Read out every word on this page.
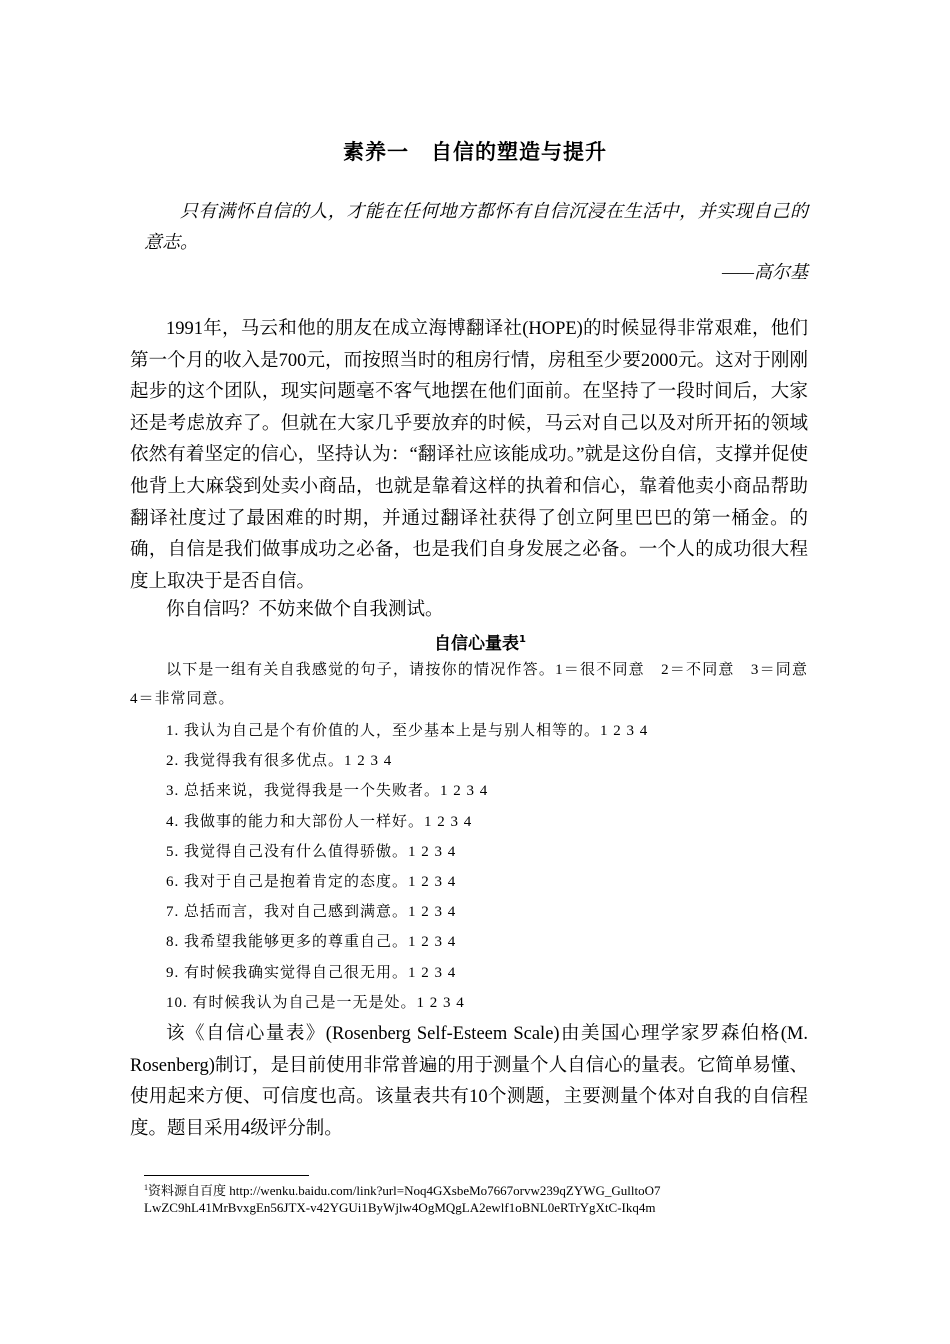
素养一　自信的塑造与提升
只有满怀自信的人，才能在任何地方都怀有自信沉浸在生活中，并实现自己的意志。
——高尔基

1991年，马云和他的朋友在成立海博翻译社(HOPE)的时候显得非常艰难，他们第一个月的收入是700元，而按照当时的租房行情，房租至少要2000元。这对于刚刚起步的这个团队，现实问题毫不客气地摆在他们面前。在坚持了一段时间后，大家还是考虑放弃了。但就在大家几乎要放弃的时候，马云对自己以及对所开拓的领域依然有着坚定的信心，坚持认为：“翻译社应该能成功。”就是这份自信，支撑并促使他背上大麻袋到处卖小商品，也就是靠着这样的执着和信心，靠着他卖小商品帮助翻译社度过了最困难的时期，并通过翻译社获得了创立阿里巴巴的第一桶金。的确，自信是我们做事成功之必备，也是我们自身发展之必备。一个人的成功很大程度上取决于是否自信。

你自信吗？不妨来做个自我测试。

自信心量表$^1$
以下是一组有关自我感觉的句子，请按你的情况作答。1＝很不同意　2＝不同意　3＝同意　4＝非常同意。
1. 我认为自己是个有价值的人，至少基本上是与别人相等的。1 2 3 4
2. 我觉得我有很多优点。1 2 3 4
3. 总括来说，我觉得我是一个失败者。1 2 3 4
4. 我做事的能力和大部份人一样好。1 2 3 4
5. 我觉得自己没有什么值得骄傲。1 2 3 4
6. 我对于自己是抱着肯定的态度。1 2 3 4
7. 总括而言，我对自己感到满意。1 2 3 4
8. 我希望我能够更多的尊重自己。1 2 3 4
9. 有时候我确实觉得自己很无用。1 2 3 4
10. 有时候我认为自己是一无是处。1 2 3 4

该《自信心量表》(Rosenberg Self-Esteem Scale)由美国心理学家罗森伯格(M. Rosenberg)制订，是目前使用非常普遍的用于测量个人自信心的量表。它简单易懂、使用起来方便、可信度也高。该量表共有10个测题，主要测量个体对自我的自信程度。题目采用4级评分制。

$^1$资料源自百度 http://wenku.baidu.com/link?url=Noq4GXsbeMo7667orvw239qZYWG_GulltoO7LwZC9hL41MrBvxgEn56JTX-v42YGUi1ByWjlw4OgMQgLA2ewlf1oBNL0eRTrYgXtC-Ikq4m
